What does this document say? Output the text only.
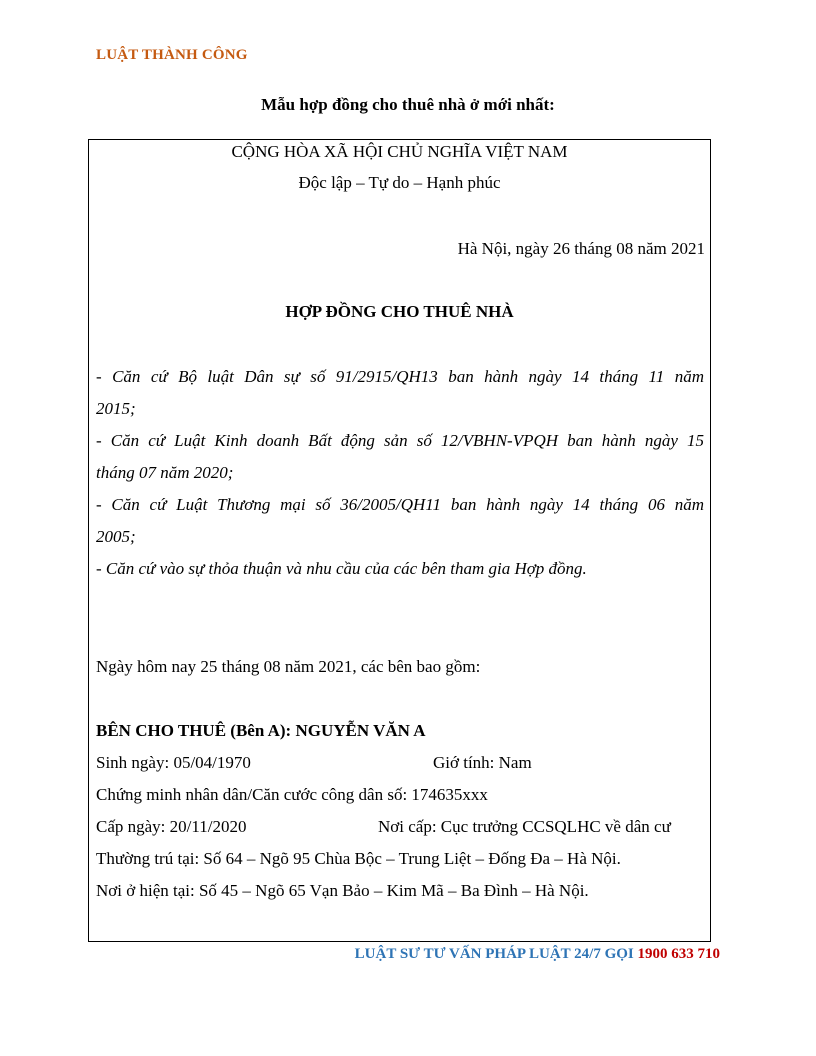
LUẬT THÀNH CÔNG
Mẫu hợp đồng cho thuê nhà ở mới nhất:
CỘNG HÒA XÃ HỘI CHỦ NGHĨA VIỆT NAM
Độc lập – Tự do – Hạnh phúc
Hà Nội, ngày 26 tháng 08 năm 2021
HỢP ĐỒNG CHO THUÊ NHÀ
- Căn cứ Bộ luật Dân sự số 91/2915/QH13 ban hành ngày 14 tháng 11 năm
2015;
- Căn cứ Luật Kinh doanh Bất động sản số 12/VBHN-VPQH ban hành ngày 15
tháng 07 năm 2020;
- Căn cứ Luật Thương mại số 36/2005/QH11 ban hành ngày 14 tháng 06 năm
2005;
- Căn cứ vào sự thỏa thuận và nhu cầu của các bên tham gia Hợp đồng.
Ngày hôm nay 25 tháng 08 năm 2021, các bên bao gồm:
BÊN CHO THUÊ (Bên A): NGUYỄN VĂN A
Sinh ngày: 05/04/1970	Giớ tính: Nam
Chứng minh nhân dân/Căn cước công dân số: 174635xxx
Cấp ngày: 20/11/2020	Nơi cấp: Cục trưởng CCSQLHC về dân cư
Thường trú tại: Số 64 – Ngõ 95 Chùa Bộc – Trung Liệt – Đống Đa – Hà Nội.
Nơi ở hiện tại: Số 45 – Ngõ 65 Vạn Bảo – Kim Mã – Ba Đình – Hà Nội.
LUẬT SƯ TƯ VẤN PHÁP LUẬT 24/7 GỌI 1900 633 710
